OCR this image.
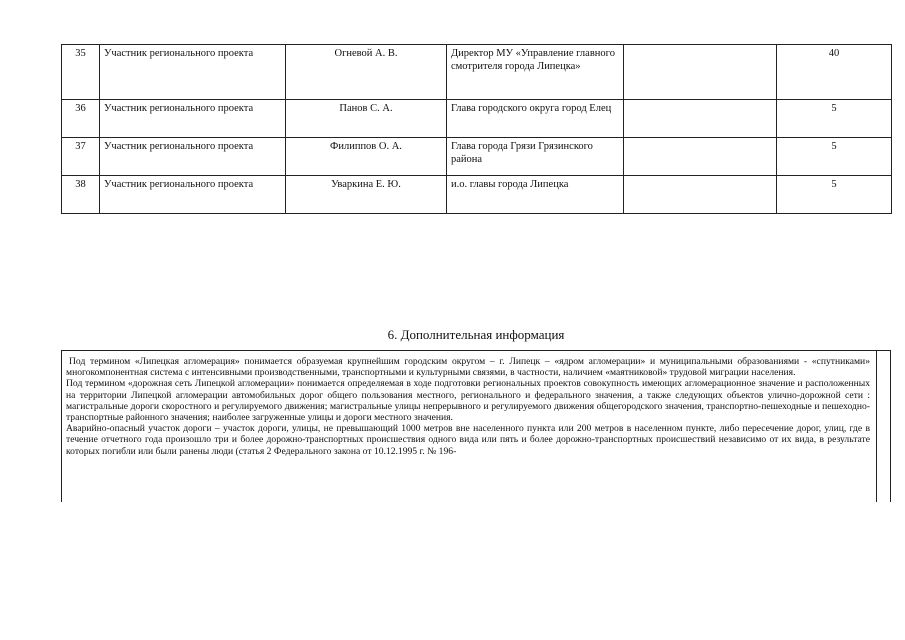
35	Участник регионального проекта	Огневой А. В.	Директор МУ «Управление главного смотрителя города Липецка»		40
36	Участник регионального проекта	Панов С. А.	Глава городского округа город Елец		5
37	Участник регионального проекта	Филиппов О. А.	Глава города Грязи Грязинского района		5
38	Участник регионального проекта	Уваркина Е. Ю.	и.о. главы города Липецка		5
6. Дополнительная информация

Под термином «Липецкая агломерация» понимается образуемая крупнейшим городским округом – г. Липецк – «ядром агломерации» и муниципальными образованиями - «спутниками» многокомпонентная система с интенсивными производственными, транспортными и культурными связями, в частности, наличием «маятниковой» трудовой миграции населения.

Под термином «дорожная сеть Липецкой агломерации» понимается определяемая в ходе подготовки региональных проектов совокупность имеющих агломерационное значение и расположенных на территории Липецкой агломерации автомобильных дорог общего пользования местного, регионального и федерального значения, а также следующих объектов улично-дорожной сети : магистральные дороги скоростного и регулируемого движения; магистральные улицы непрерывного и регулируемого движения общегородского значения, транспортно-пешеходные и пешеходно-транспортные районного значения; наиболее загруженные улицы и дороги местного значения.

Аварийно-опасный участок дороги – участок дороги, улицы, не превышающий 1000 метров вне населенного пункта или 200 метров в населенном пункте, либо пересечение дорог, улиц, где в течение отчетного года произошло три и более дорожно-транспортных происшествия одного вида или пять и более дорожно-транспортных происшествий независимо от их вида, в результате которых погибли или были ранены люди (статья 2 Федерального закона от 10.12.1995 г. № 196-
